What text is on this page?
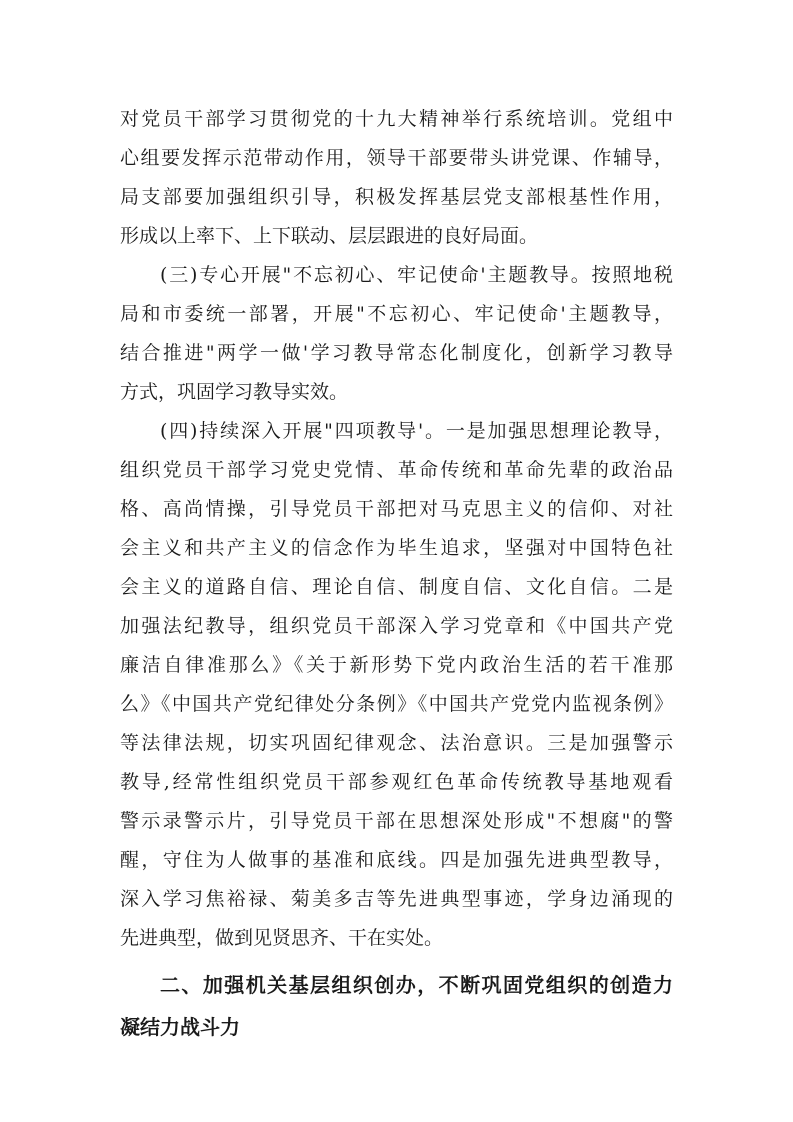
对党员干部学习贯彻党的十九大精神举行系统培训。党组中
心组要发挥示范带动作用，领导干部要带头讲党课、作辅导，
局支部要加强组织引导，积极发挥基层党支部根基性作用，
形成以上率下、上下联动、层层跟进的良好局面。
(三)专心开展"不忘初心、牢记使命'主题教导。按照地税
局和市委统一部署，开展"不忘初心、牢记使命'主题教导，
结合推进"两学一做'学习教导常态化制度化，创新学习教导
方式，巩固学习教导实效。
(四)持续深入开展"四项教导'。一是加强思想理论教导，
组织党员干部学习党史党情、革命传统和革命先辈的政治品
格、高尚情操，引导党员干部把对马克思主义的信仰、对社
会主义和共产主义的信念作为毕生追求，坚强对中国特色社
会主义的道路自信、理论自信、制度自信、文化自信。二是
加强法纪教导，组织党员干部深入学习党章和《中国共产党
廉洁自律准那么》《关于新形势下党内政治生活的若干准那
么》《中国共产党纪律处分条例》《中国共产党党内监视条例》
等法律法规，切实巩固纪律观念、法治意识。三是加强警示
教导,经常性组织党员干部参观红色革命传统教导基地观看
警示录警示片，引导党员干部在思想深处形成"不想腐"的警
醒，守住为人做事的基准和底线。四是加强先进典型教导，
深入学习焦裕禄、菊美多吉等先进典型事迹，学身边涌现的
先进典型，做到见贤思齐、干在实处。
二、加强机关基层组织创办，不断巩固党组织的创造力
凝结力战斗力
